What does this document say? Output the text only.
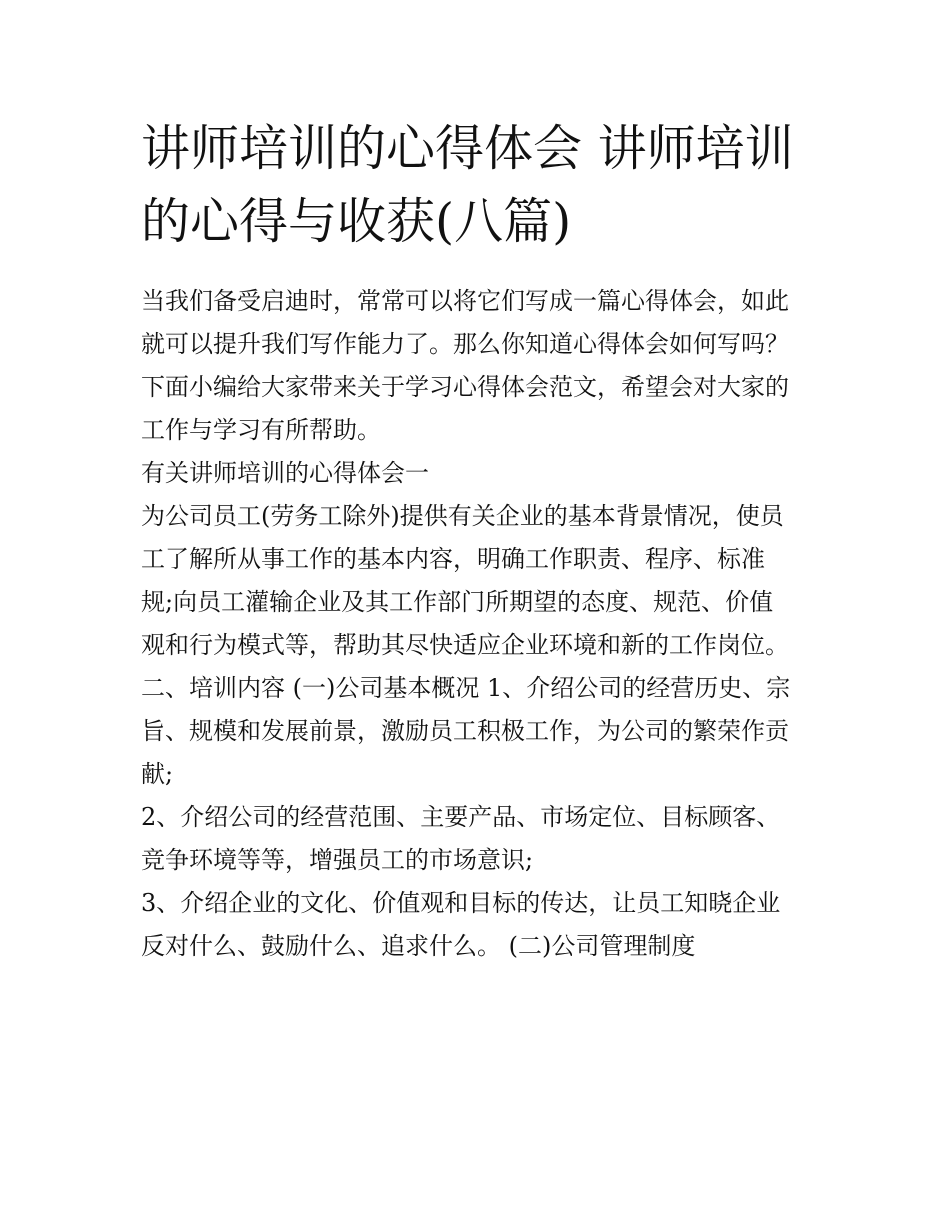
讲师培训的心得体会 讲师培训
的心得与收获(八篇)

当我们备受启迪时，常常可以将它们写成一篇心得体会，如此
就可以提升我们写作能力了。那么你知道心得体会如何写吗？
下面小编给大家带来关于学习心得体会范文，希望会对大家的
工作与学习有所帮助。

有关讲师培训的心得体会一

为公司员工(劳务工除外)提供有关企业的基本背景情况，使员
工了解所从事工作的基本内容，明确工作职责、程序、标准
规;向员工灌输企业及其工作部门所期望的态度、规范、价值
观和行为模式等，帮助其尽快适应企业环境和新的工作岗位。
二、培训内容 (一)公司基本概况 1、介绍公司的经营历史、宗
旨、规模和发展前景，激励员工积极工作，为公司的繁荣作贡
献;

2、介绍公司的经营范围、主要产品、市场定位、目标顾客、
竞争环境等等，增强员工的市场意识;

3、介绍企业的文化、价值观和目标的传达，让员工知晓企业
反对什么、鼓励什么、追求什么。 (二)公司管理制度
